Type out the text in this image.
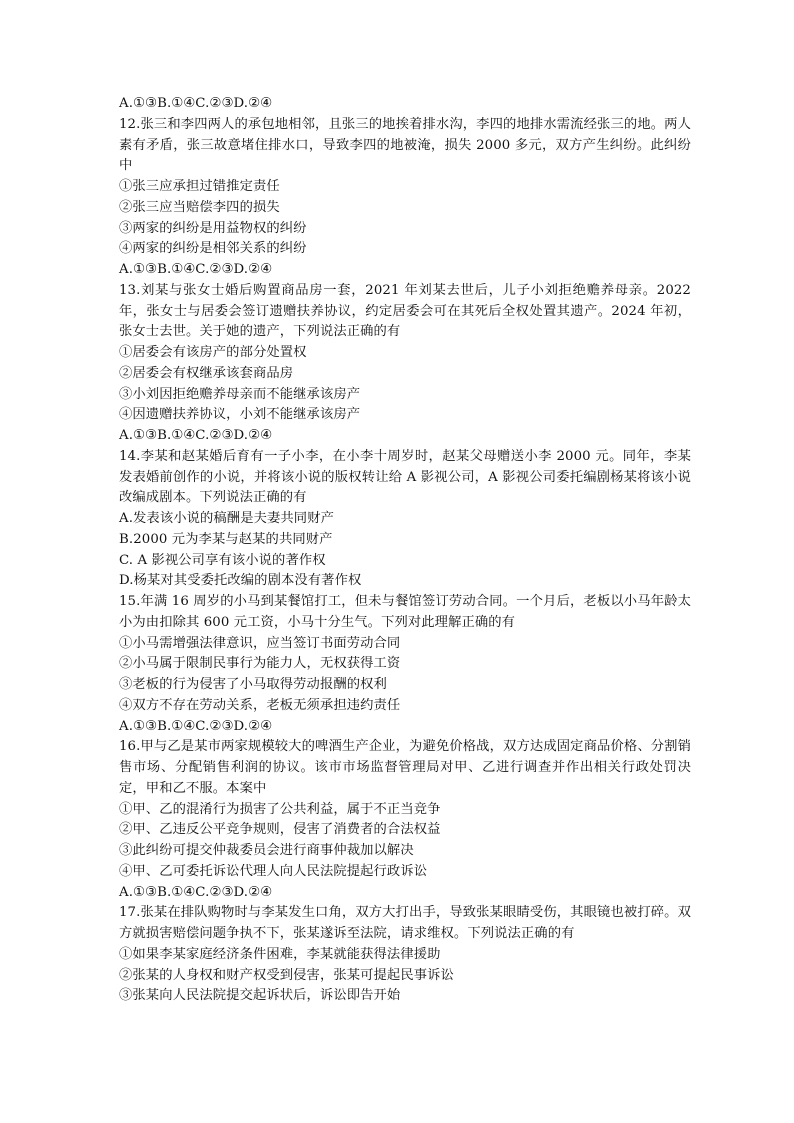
A.①③B.①④C.②③D.②④
12.张三和李四两人的承包地相邻，且张三的地挨着排水沟，李四的地排水需流经张三的地。两人素有矛盾，张三故意堵住排水口，导致李四的地被淹，损失 2000 多元，双方产生纠纷。此纠纷中
①张三应承担过错推定责任
②张三应当赔偿李四的损失
③两家的纠纷是用益物权的纠纷
④两家的纠纷是相邻关系的纠纷
A.①③B.①④C.②③D.②④
13.刘某与张女士婚后购置商品房一套，2021 年刘某去世后，儿子小刘拒绝赡养母亲。2022 年，张女士与居委会签订遗赠扶养协议，约定居委会可在其死后全权处置其遗产。2024 年初，张女士去世。关于她的遗产，下列说法正确的有
①居委会有该房产的部分处置权
②居委会有权继承该套商品房
③小刘因拒绝赡养母亲而不能继承该房产
④因遗赠扶养协议，小刘不能继承该房产
A.①③B.①④C.②③D.②④
14.李某和赵某婚后育有一子小李，在小李十周岁时，赵某父母赠送小李 2000 元。同年，李某发表婚前创作的小说，并将该小说的版权转让给 A 影视公司，A 影视公司委托编剧杨某将该小说改编成剧本。下列说法正确的有
A.发表该小说的稿酬是夫妻共同财产
B.2000 元为李某与赵某的共同财产
C. A 影视公司享有该小说的著作权
D.杨某对其受委托改编的剧本没有著作权
15.年满 16 周岁的小马到某餐馆打工，但未与餐馆签订劳动合同。一个月后，老板以小马年龄太小为由扣除其 600 元工资，小马十分生气。下列对此理解正确的有
①小马需增强法律意识，应当签订书面劳动合同
②小马属于限制民事行为能力人，无权获得工资
③老板的行为侵害了小马取得劳动报酬的权利
④双方不存在劳动关系，老板无须承担违约责任
A.①③B.①④C.②③D.②④
16.甲与乙是某市两家规模较大的啤酒生产企业，为避免价格战，双方达成固定商品价格、分割销售市场、分配销售利润的协议。该市市场监督管理局对甲、乙进行调查并作出相关行政处罚决定，甲和乙不服。本案中
①甲、乙的混淆行为损害了公共利益，属于不正当竞争
②甲、乙违反公平竞争规则，侵害了消费者的合法权益
③此纠纷可提交仲裁委员会进行商事仲裁加以解决
④甲、乙可委托诉讼代理人向人民法院提起行政诉讼
A.①③B.①④C.②③D.②④
17.张某在排队购物时与李某发生口角，双方大打出手，导致张某眼睛受伤，其眼镜也被打碎。双方就损害赔偿问题争执不下，张某遂诉至法院，请求维权。下列说法正确的有
①如果李某家庭经济条件困难，李某就能获得法律援助
②张某的人身权和财产权受到侵害，张某可提起民事诉讼
③张某向人民法院提交起诉状后，诉讼即告开始
